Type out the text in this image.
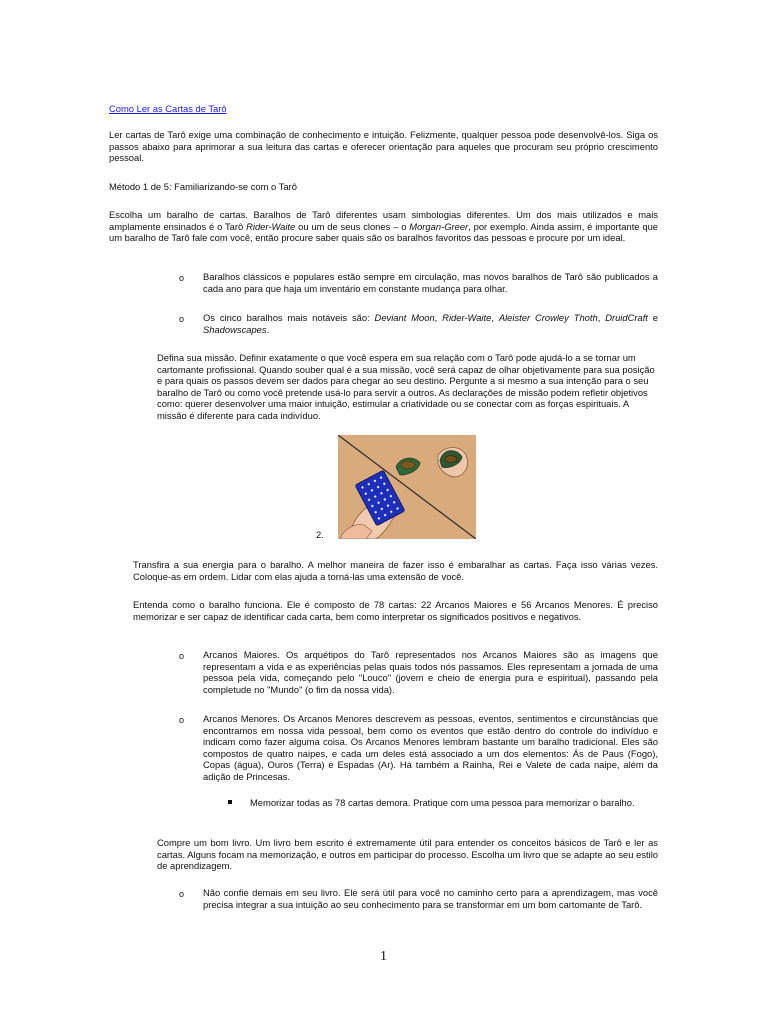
Como Ler as Cartas de Tarô

Ler cartas de Tarô exige uma combinação de conhecimento e intuição. Felizmente, qualquer pessoa pode desenvolvê-los. Siga os passos abaixo para aprimorar a sua leitura das cartas e oferecer orientação para aqueles que procuram seu próprio crescimento pessoal.

Método 1 de 5: Familiarizando-se com o Tarô

Escolha um baralho de cartas. Baralhos de Tarô diferentes usam simbologias diferentes. Um dos mais utilizados e mais amplamente ensinados é o Tarô Rider-Waite ou um de seus clones – o Morgan-Greer, por exemplo. Ainda assim, é importante que um baralho de Tarô fale com você, então procure saber quais são os baralhos favoritos das pessoas e procure por um ideal.

o Baralhos clássicos e populares estão sempre em circulação, mas novos baralhos de Tarô são publicados a cada ano para que haja um inventário em constante mudança para olhar.

o Os cinco baralhos mais notáveis são: Deviant Moon, Rider-Waite, Aleister Crowley Thoth, DruidCraft e Shadowscapes.

Defina sua missão. Definir exatamente o que você espera em sua relação com o Tarô pode ajudá-lo a se tornar um cartomante profissional. Quando souber qual é a sua missão, você será capaz de olhar objetivamente para sua posição e para quais os passos devem ser dados para chegar ao seu destino. Pergunte a si mesmo a sua intenção para o seu baralho de Tarô ou como você pretende usá-lo para servir a outros. As declarações de missão podem refletir objetivos como: querer desenvolver uma maior intuição, estimular a criatividade ou se conectar com as forças espirituais. A missão é diferente para cada indivíduo.

2.

Transfira a sua energia para o baralho. A melhor maneira de fazer isso é embaralhar as cartas. Faça isso várias vezes. Coloque-as em ordem. Lidar com elas ajuda a torná-las uma extensão de você.

Entenda como o baralho funciona. Ele é composto de 78 cartas: 22 Arcanos Maiores e 56 Arcanos Menores. É preciso memorizar e ser capaz de identificar cada carta, bem como interpretar os significados positivos e negativos.

o Arcanos Maiores. Os arquétipos do Tarô representados nos Arcanos Maiores são as imagens que representam a vida e as experiências pelas quais todos nós passamos. Eles representam a jornada de uma pessoa pela vida, começando pelo "Louco" (jovem e cheio de energia pura e espiritual), passando pela completude no "Mundo" (o fim da nossa vida).

o Arcanos Menores. Os Arcanos Menores descrevem as pessoas, eventos, sentimentos e circunstâncias que encontramos em nossa vida pessoal, bem como os eventos que estão dentro do controle do indivíduo e indicam como fazer alguma coisa. Os Arcanos Menores lembram bastante um baralho tradicional. Eles são compostos de quatro naipes, e cada um deles está associado a um dos elementos: Ás de Paus (Fogo), Copas (água), Ouros (Terra) e Espadas (Ar). Há também a Rainha, Rei e Valete de cada naipe, além da adição de Princesas.

Memorizar todas as 78 cartas demora. Pratique com uma pessoa para memorizar o baralho.

Compre um bom livro. Um livro bem escrito é extremamente útil para entender os conceitos básicos de Tarô e ler as cartas. Alguns focam na memorização, e outros em participar do processo. Escolha um livro que se adapte ao seu estilo de aprendizagem.

o Não confie demais em seu livro. Ele será útil para você no caminho certo para a aprendizagem, mas você precisa integrar a sua intuição ao seu conhecimento para se transformar em um bom cartomante de Tarô.

1
